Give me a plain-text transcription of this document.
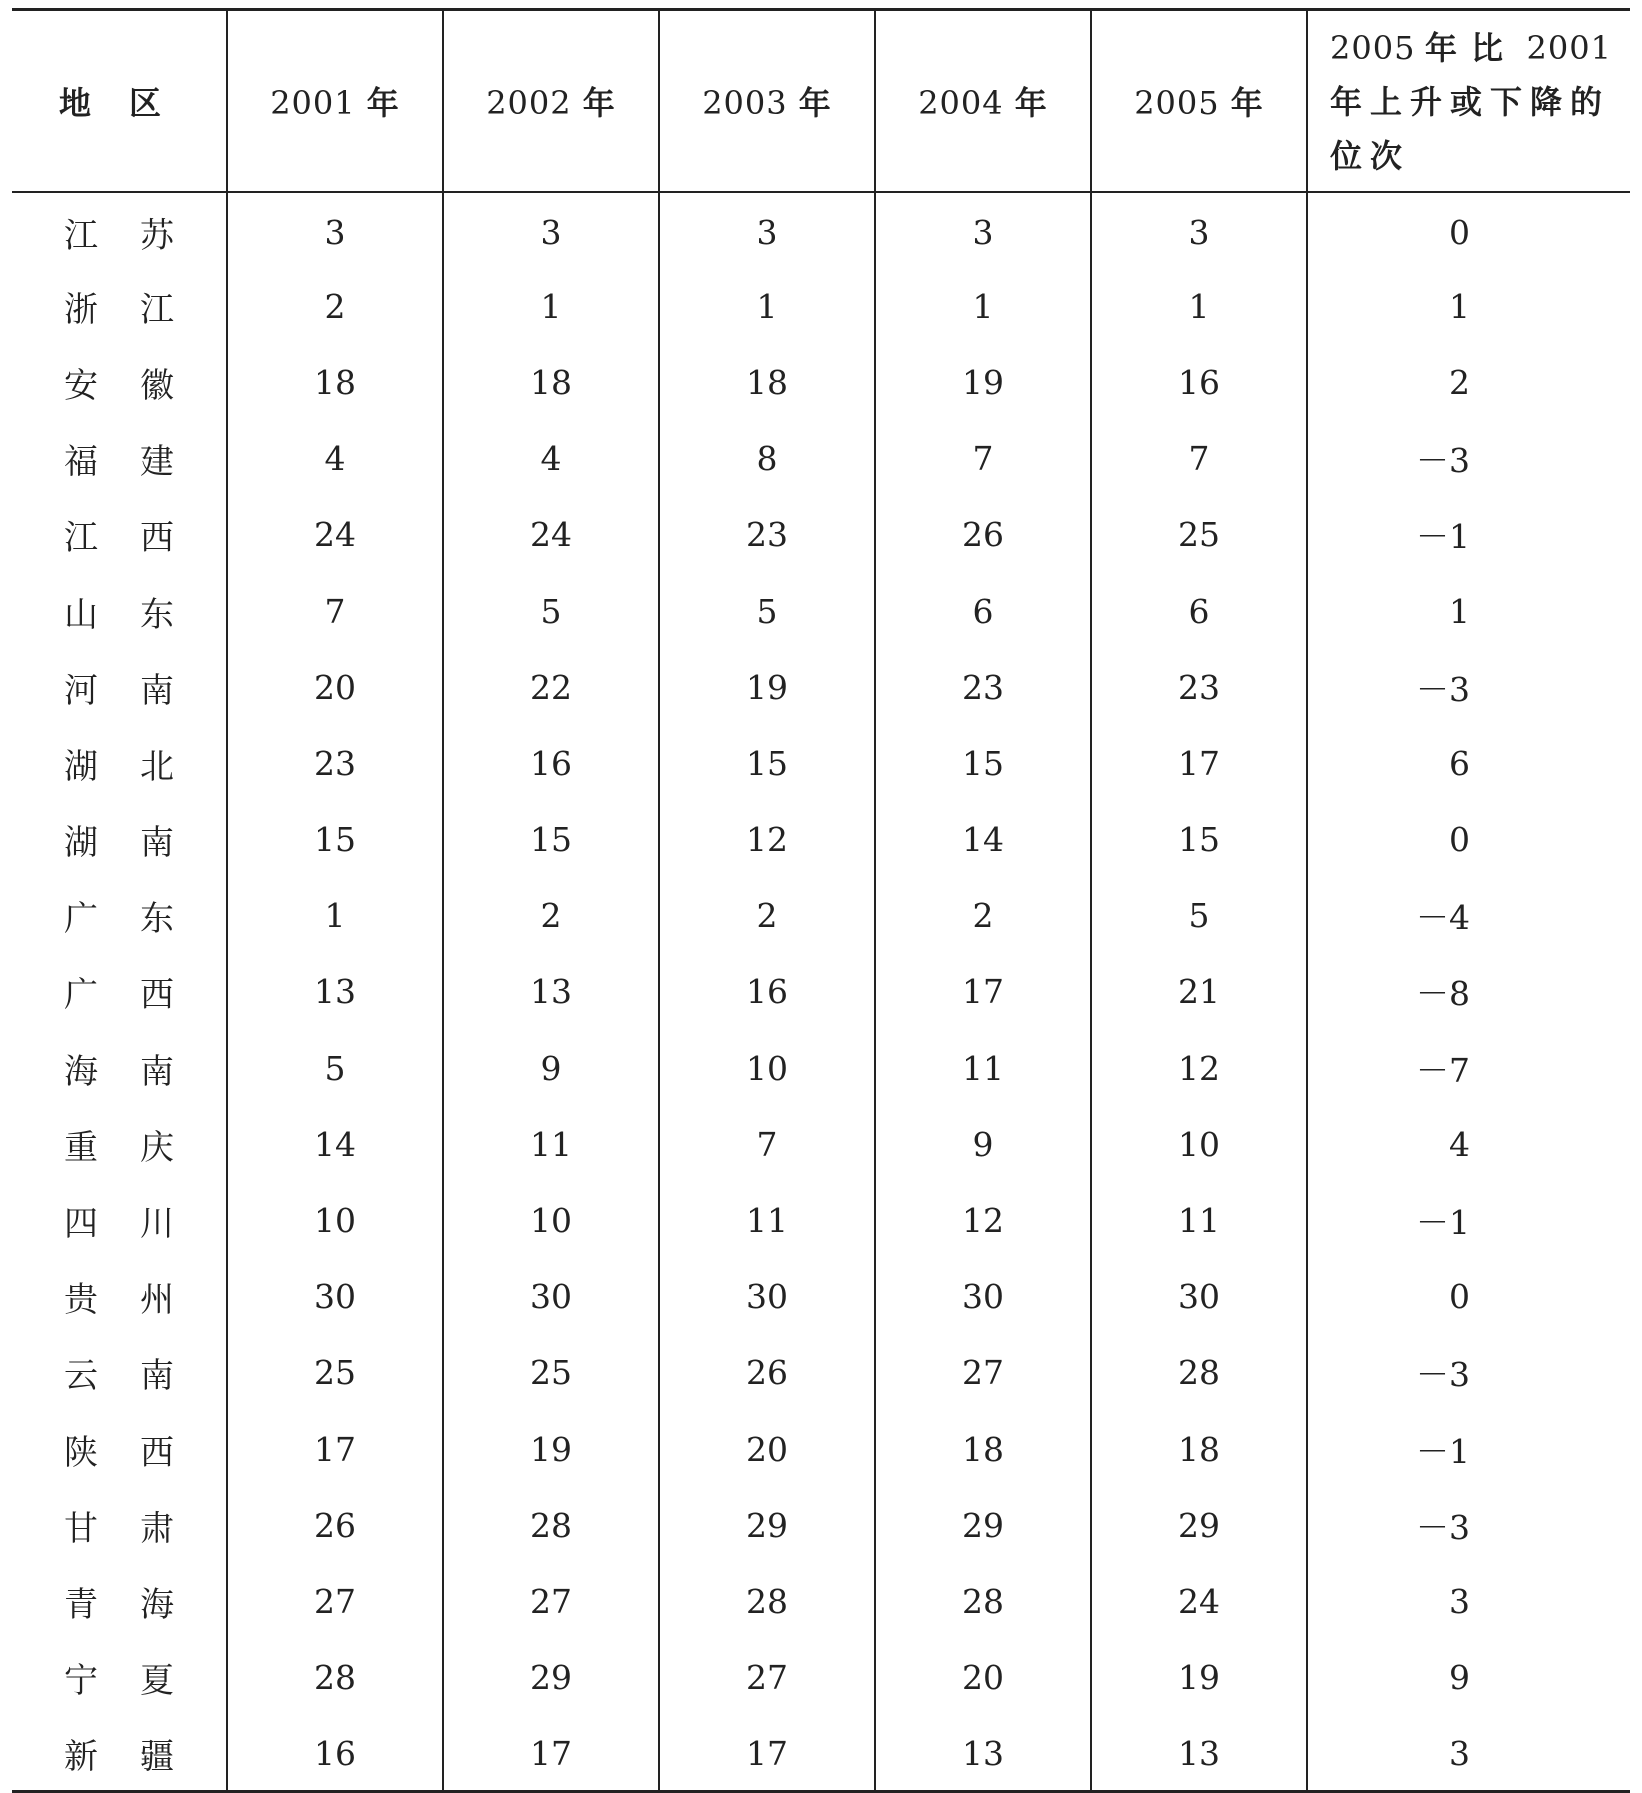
地区	2001 年	2002 年	2003 年	2004 年	2005 年	2005 年比 2001
年上升或下降的
位次

江苏	3	3	3	3	3	0
浙江	2	1	1	1	1	1
安徽	18	18	18	19	16	2
福建	4	4	8	7	7	－3
江西	24	24	23	26	25	－1
山东	7	5	5	6	6	1
河南	20	22	19	23	23	－3
湖北	23	16	15	15	17	6
湖南	15	15	12	14	15	0
广东	1	2	2	2	5	－4
广西	13	13	16	17	21	－8
海南	5	9	10	11	12	－7
重庆	14	11	7	9	10	4
四川	10	10	11	12	11	－1
贵州	30	30	30	30	30	0
云南	25	25	26	27	28	－3
陕西	17	19	20	18	18	－1
甘肃	26	28	29	29	29	－3
青海	27	27	28	28	24	3
宁夏	28	29	27	20	19	9
新疆	16	17	17	13	13	3
